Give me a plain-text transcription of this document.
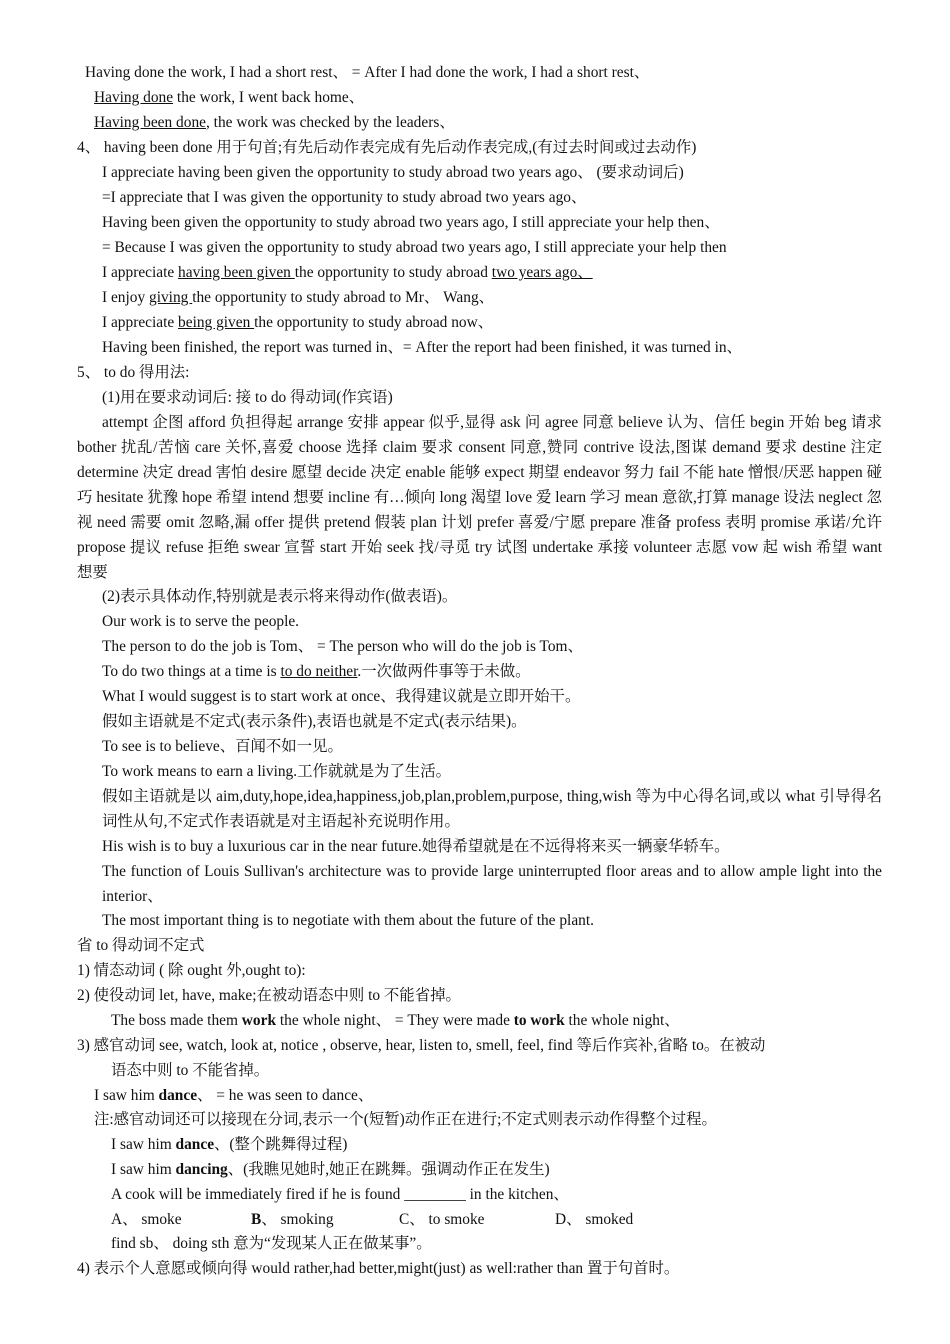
Having done the work, I had a short rest、 = After I had done the work, I had a short rest、
Having done the work, I went back home、
Having been done, the work was checked by the leaders、
4、 having been done 用于句首;有先后动作表完成有先后动作表完成,(有过去时间或过去动作)
I appreciate having been given the opportunity to study abroad two years ago、 (要求动词后)
=I appreciate that I was given the opportunity to study abroad two years ago、
Having been given the opportunity to study abroad two years ago, I still appreciate your help then、
= Because I was given the opportunity to study abroad two years ago, I still appreciate your help then
I appreciate having been given the opportunity to study abroad two years ago、
I enjoy giving the opportunity to study abroad to Mr、 Wang、
I appreciate being given the opportunity to study abroad now、
Having been finished, the report was turned in、= After the report had been finished, it was turned in、
5、 to do 得用法:
(1)用在要求动词后: 接 to do 得动词(作宾语)
attempt 企图 afford 负担得起 arrange 安排 appear 似乎,显得 ask 问 agree 同意 believe 认为、信任 begin 开始 beg 请求 bother 扰乱/苦恼 care 关怀,喜爱 choose 选择 claim 要求 consent 同意,赞同 contrive 设法,图谋 demand 要求 destine 注定 determine 决定 dread 害怕 desire 愿望 decide 决定 enable 能够 expect 期望 endeavor 努力 fail 不能 hate 憎恨/厌恶 happen 碰巧 hesitate 犹豫 hope 希望 intend 想要 incline 有…倾向 long 渴望 love 爱 learn 学习 mean 意欲,打算 manage 设法 neglect 忽视 need 需要 omit 忽略,漏 offer 提供 pretend 假装 plan 计划 prefer 喜爱/宁愿 prepare 准备 profess 表明 promise 承诺/允许 propose 提议 refuse 拒绝 swear 宣誓 start 开始 seek 找/寻觅 try 试图 undertake 承接 volunteer 志愿 vow 起 wish 希望 want 想要
(2)表示具体动作,特别就是表示将来得动作(做表语)。
Our work is to serve the people.
The person to do the job is Tom、 = The person who will do the job is Tom、
To do two things at a time is to do neither.一次做两件事等于未做。
What I would suggest is to start work at once、我得建议就是立即开始干。
假如主语就是不定式(表示条件),表语也就是不定式(表示结果)。
To see is to believe、百闻不如一见。
To work means to earn a living.工作就就是为了生活。
假如主语就是以 aim,duty,hope,idea,happiness,job,plan,problem,purpose, thing,wish 等为中心得名词,或以 what 引导得名词性从句,不定式作表语就是对主语起补充说明作用。
His wish is to buy a luxurious car in the near future.她得希望就是在不远得将来买一辆豪华轿车。
The function of Louis Sullivan's architecture was to provide large uninterrupted floor areas and to allow ample light into the interior、
The most important thing is to negotiate with them about the future of the plant.
省 to 得动词不定式
1) 情态动词 ( 除 ought 外,ought to):
2) 使役动词 let, have, make;在被动语态中则 to 不能省掉。
The boss made them work the whole night、 = They were made to work the whole night、
3) 感官动词 see, watch, look at, notice , observe, hear, listen to, smell, feel, find 等后作宾补,省略 to。在被动
语态中则 to 不能省掉。
I saw him dance、 = he was seen to dance、
注:感官动词还可以接现在分词,表示一个(短暂)动作正在进行;不定式则表示动作得整个过程。
I saw him dance、(整个跳舞得过程)
I saw him dancing、(我瞧见她时,她正在跳舞。强调动作正在发生)
A cook will be immediately fired if he is found ________ in the kitchen、
A、 smoke	B、 smoking	C、 to smoke	D、 smoked
find sb、 doing sth 意为“发现某人正在做某事”。
4) 表示个人意愿或倾向得 would rather,had better,might(just) as well:rather than 置于句首时。
